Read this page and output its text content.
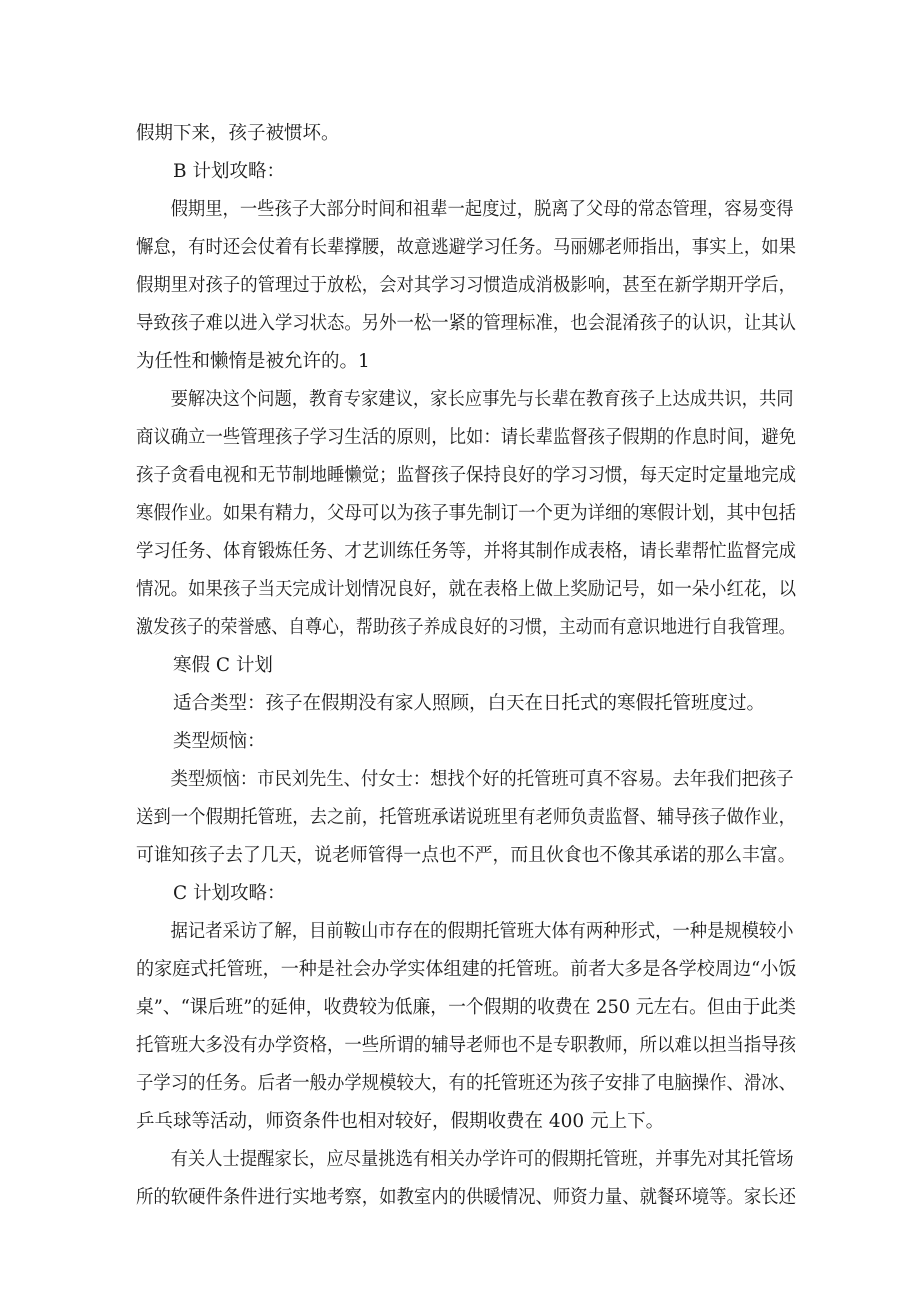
假期下来，孩子被惯坏。
B 计划攻略：
假期里，一些孩子大部分时间和祖辈一起度过，脱离了父母的常态管理，容易变得
懈怠，有时还会仗着有长辈撑腰，故意逃避学习任务。马丽娜老师指出，事实上，如果
假期里对孩子的管理过于放松，会对其学习习惯造成消极影响，甚至在新学期开学后，
导致孩子难以进入学习状态。另外一松一紧的管理标准，也会混淆孩子的认识，让其认
为任性和懒惰是被允许的。1
要解决这个问题，教育专家建议，家长应事先与长辈在教育孩子上达成共识，共同
商议确立一些管理孩子学习生活的原则，比如：请长辈监督孩子假期的作息时间，避免
孩子贪看电视和无节制地睡懒觉；监督孩子保持良好的学习习惯，每天定时定量地完成
寒假作业。如果有精力，父母可以为孩子事先制订一个更为详细的寒假计划，其中包括
学习任务、体育锻炼任务、才艺训练任务等，并将其制作成表格，请长辈帮忙监督完成
情况。如果孩子当天完成计划情况良好，就在表格上做上奖励记号，如一朵小红花，以
激发孩子的荣誉感、自尊心，帮助孩子养成良好的习惯，主动而有意识地进行自我管理。
寒假 C 计划
适合类型：孩子在假期没有家人照顾，白天在日托式的寒假托管班度过。
类型烦恼：
类型烦恼：市民刘先生、付女士：想找个好的托管班可真不容易。去年我们把孩子
送到一个假期托管班，去之前，托管班承诺说班里有老师负责监督、辅导孩子做作业，
可谁知孩子去了几天，说老师管得一点也不严，而且伙食也不像其承诺的那么丰富。
C 计划攻略：
据记者采访了解，目前鞍山市存在的假期托管班大体有两种形式，一种是规模较小
的家庭式托管班，一种是社会办学实体组建的托管班。前者大多是各学校周边“小饭
桌”、“课后班”的延伸，收费较为低廉，一个假期的收费在 250 元左右。但由于此类
托管班大多没有办学资格，一些所谓的辅导老师也不是专职教师，所以难以担当指导孩
子学习的任务。后者一般办学规模较大，有的托管班还为孩子安排了电脑操作、滑冰、
乒乓球等活动，师资条件也相对较好，假期收费在 400 元上下。
有关人士提醒家长，应尽量挑选有相关办学许可的假期托管班，并事先对其托管场
所的软硬件条件进行实地考察，如教室内的供暖情况、师资力量、就餐环境等。家长还
